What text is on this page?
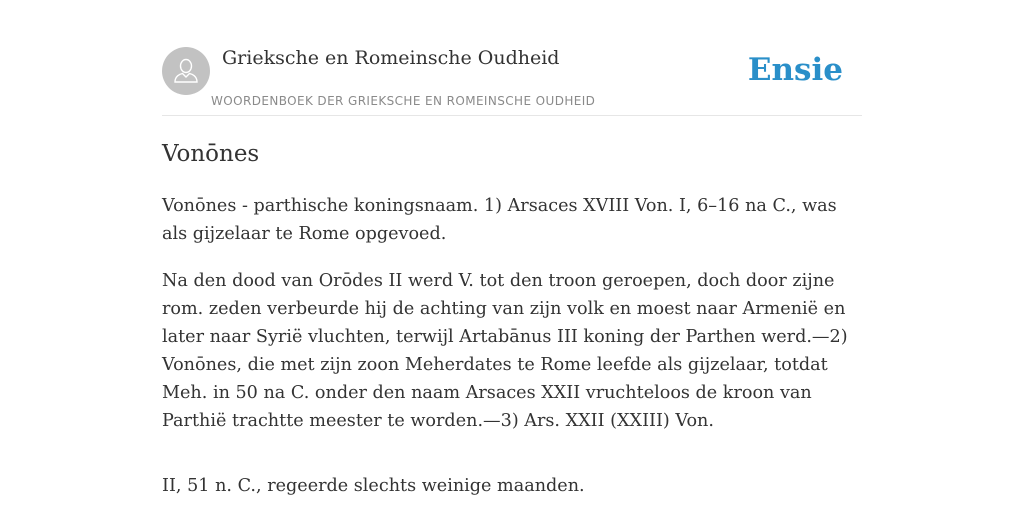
Grieksche en Romeinsche Oudheid
WOORDENBOEK DER GRIEKSCHE EN ROMEINSCHE OUDHEID
Ensie
Vonōnes

Vonōnes - parthische koningsnaam. 1) Arsaces XVIII Von. I, 6–16 na C., was als gijzelaar te Rome opgevoed.

Na den dood van Orōdes II werd V. tot den troon geroepen, doch door zijne rom. zeden verbeurde hij de achting van zijn volk en moest naar Armenië en later naar Syrië vluchten, terwijl Artabānus III koning der Parthen werd.—2) Vonōnes, die met zijn zoon Meherdates te Rome leefde als gijzelaar, totdat Meh. in 50 na C. onder den naam Arsaces XXII vruchteloos de kroon van Parthië trachtte meester te worden.—3) Ars. XXII (XXIII) Von.

II, 51 n. C., regeerde slechts weinige maanden.
